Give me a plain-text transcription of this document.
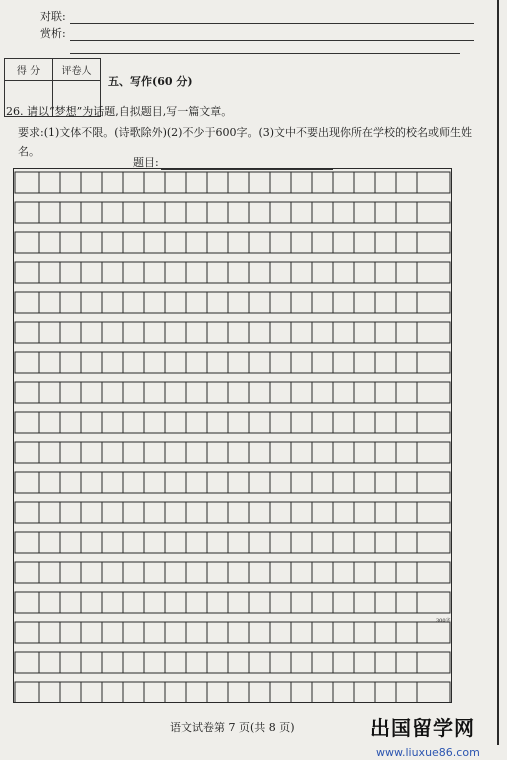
对联:
赏析:
得 分	评卷人

五、写作(60 分)
26. 请以“梦想”为话题,自拟题目,写一篇文章。
要求:(1)文体不限。(诗歌除外)(2)不少于600字。(3)文中不要出现你所在学校的校名或师生姓名。
题目:
300字
语文试卷第 7 页(共 8 页)	出国留学网
www.liuxue86.com
